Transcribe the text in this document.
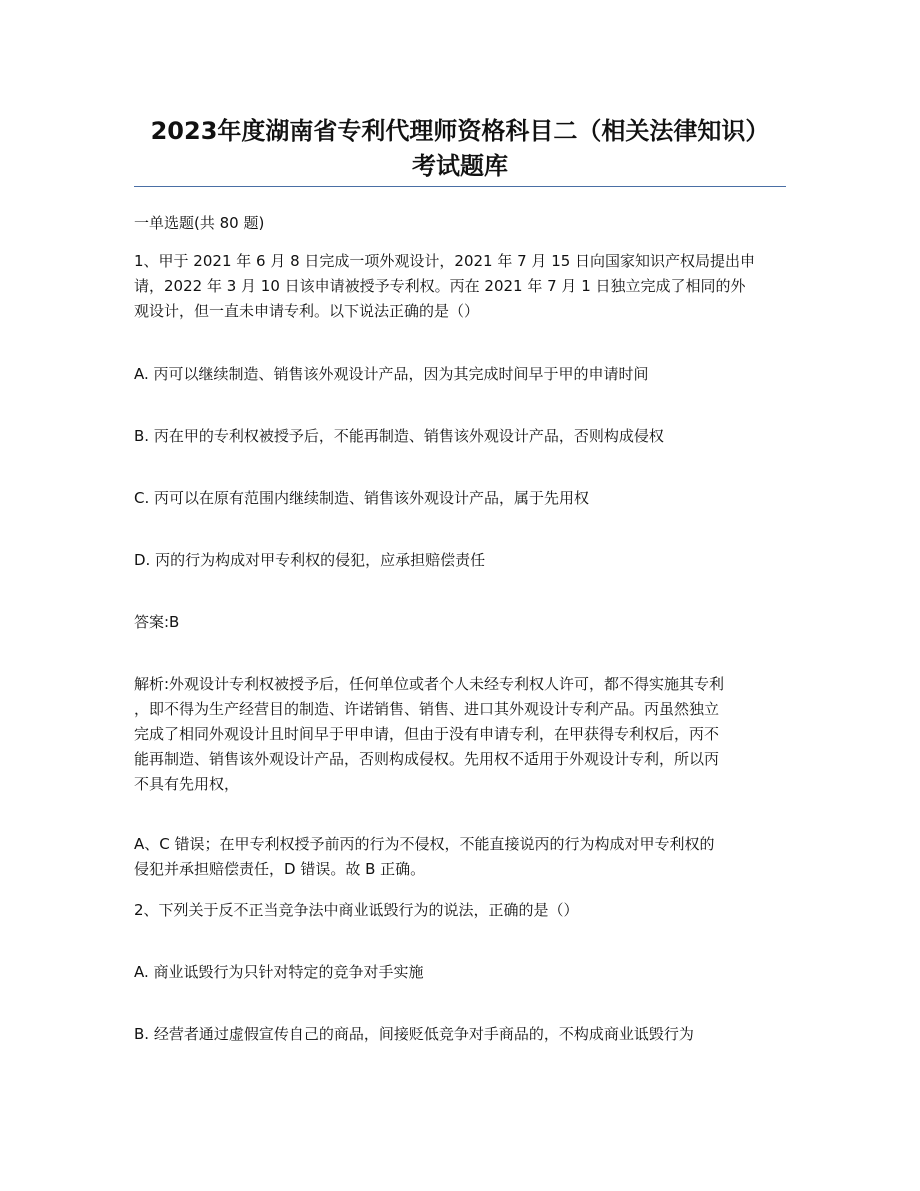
2023年度湖南省专利代理师资格科目二（相关法律知识）
考试题库

一单选题(共 80 题)

1、甲于 2021 年 6 月 8 日完成一项外观设计，2021 年 7 月 15 日向国家知识产权局提出申
请，2022 年 3 月 10 日该申请被授予专利权。丙在 2021 年 7 月 1 日独立完成了相同的外
观设计，但一直未申请专利。以下说法正确的是（）

A. 丙可以继续制造、销售该外观设计产品，因为其完成时间早于甲的申请时间

B. 丙在甲的专利权被授予后，不能再制造、销售该外观设计产品，否则构成侵权

C. 丙可以在原有范围内继续制造、销售该外观设计产品，属于先用权

D. 丙的行为构成对甲专利权的侵犯，应承担赔偿责任

答案:B

解析:外观设计专利权被授予后，任何单位或者个人未经专利权人许可，都不得实施其专利
，即不得为生产经营目的制造、许诺销售、销售、进口其外观设计专利产品。丙虽然独立
完成了相同外观设计且时间早于甲申请，但由于没有申请专利，在甲获得专利权后，丙不
能再制造、销售该外观设计产品，否则构成侵权。先用权不适用于外观设计专利，所以丙
不具有先用权，
A、C 错误；在甲专利权授予前丙的行为不侵权，不能直接说丙的行为构成对甲专利权的
侵犯并承担赔偿责任，D 错误。故 B 正确。

2、下列关于反不正当竞争法中商业诋毁行为的说法，正确的是（）

A. 商业诋毁行为只针对特定的竞争对手实施

B. 经营者通过虚假宣传自己的商品，间接贬低竞争对手商品的，不构成商业诋毁行为
